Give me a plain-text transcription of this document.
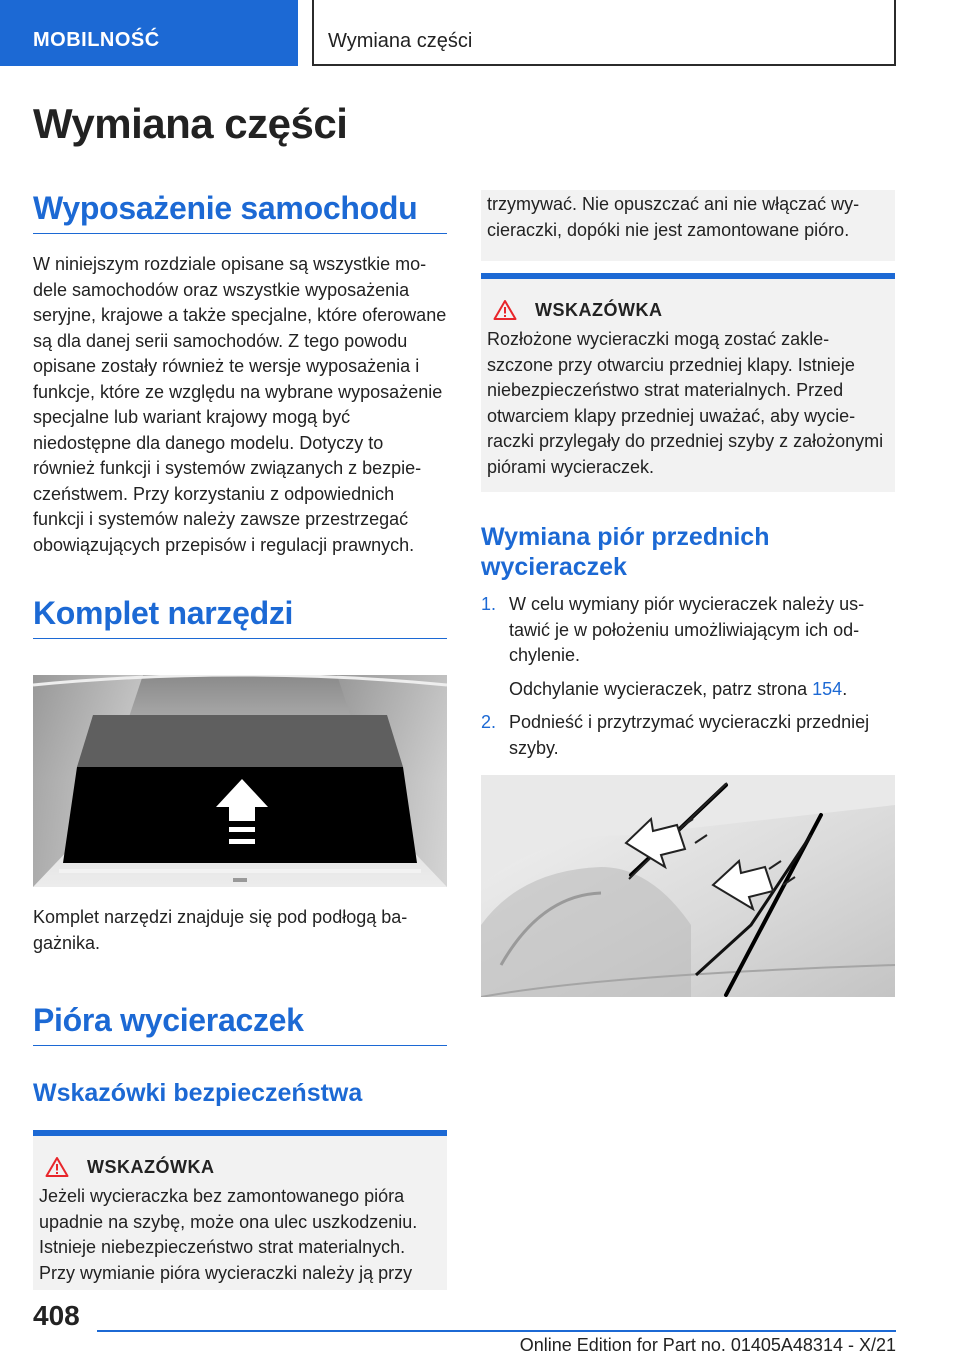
MOBILNOŚĆ	Wymiana części
Wymiana części
Wyposażenie samochodu

W niniejszym rozdziale opisane są wszystkie modele samochodów oraz wszystkie wyposażenia seryjne, krajowe a także specjalne, które oferowane są dla danej serii samochodów. Z tego powodu opisane zostały również te wersje wyposażenia i funkcje, które ze względu na wybrane wyposażenie specjalne lub wariant krajowy mogą być niedostępne dla danego modelu. Dotyczy to również funkcji i systemów związanych z bezpieczeństwem. Przy korzystaniu z odpowiednich funkcji i systemów należy zawsze przestrzegać obowiązujących przepisów i regulacji prawnych.

Komplet narzędzi

Komplet narzędzi znajduje się pod podłogą bagażnika.

Pióra wycieraczek
Wskazówki bezpieczeństwa
WSKAZÓWKA

Jeżeli wycieraczka bez zamontowanego pióra upadnie na szybę, może ona ulec uszkodzeniu. Istnieje niebezpieczeństwo strat materialnych. Przy wymianie pióra wycieraczki należy ją przy

trzymywać. Nie opuszczać ani nie włączać wycieraczki, dopóki nie jest zamontowane pióro.

WSKAZÓWKA

Rozłożone wycieraczki mogą zostać zakleszczone przy otwarciu przedniej klapy. Istnieje niebezpieczeństwo strat materialnych. Przed otwarciem klapy przedniej uważać, aby wycieraczki przylegały do przedniej szyby z założonymi piórami wycieraczek.

Wymiana piór przednich wycieraczek
1. W celu wymiany piór wycieraczek należy ustawić je w położeniu umożliwiającym ich odchylenie.
Odchylanie wycieraczek, patrz strona 154.
2. Podnieść i przytrzymać wycieraczki przedniej szyby.
408
Online Edition for Part no. 01405A48314 - X/21
